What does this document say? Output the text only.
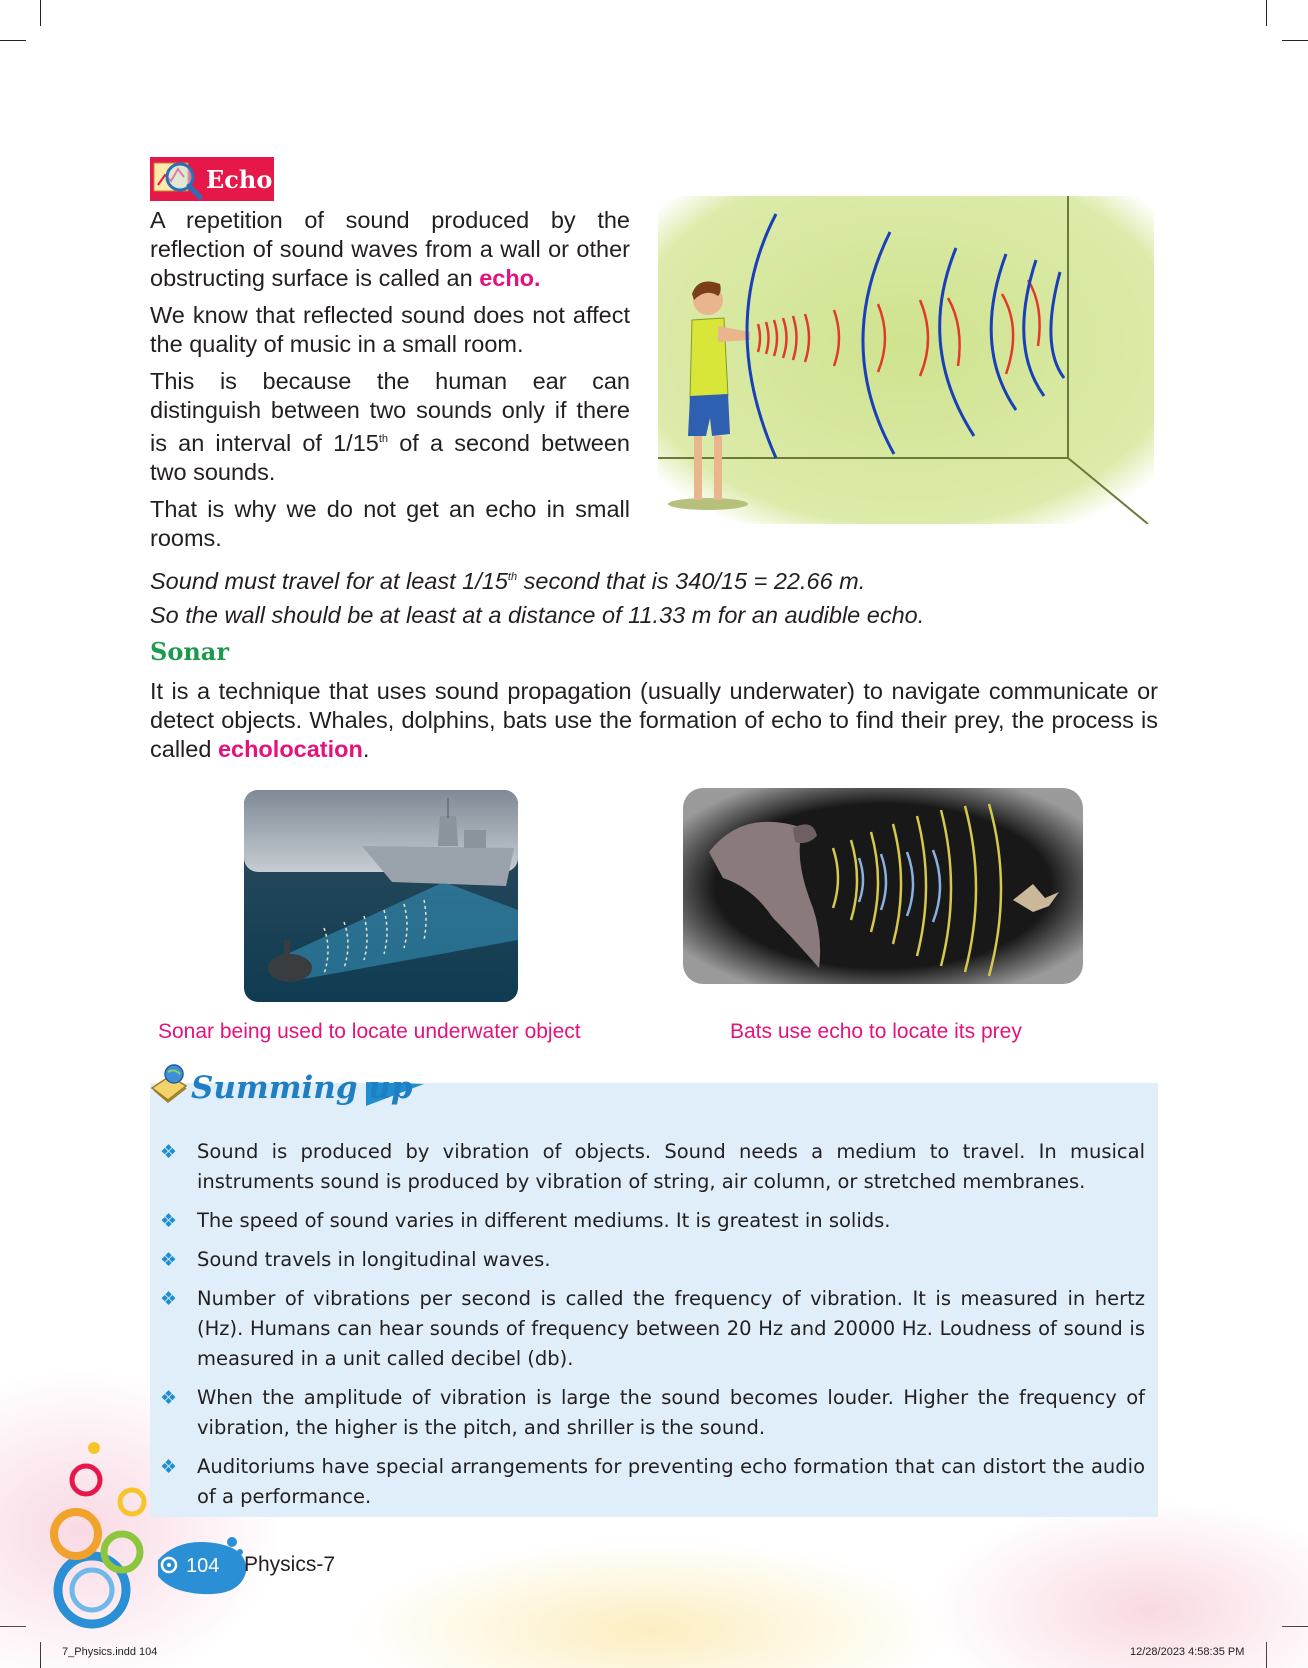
Echo

A repetition of sound produced by the reflection of sound waves from a wall or other obstructing surface is called an echo.

We know that reflected sound does not affect the quality of music in a small room.

This is because the human ear can distinguish between two sounds only if there is an interval of 1/15th of a second between two sounds.

That is why we do not get an echo in small rooms.

Sound must travel for at least 1/15th second that is 340/15 = 22.66 m.

So the wall should be at least at a distance of 11.33 m for an audible echo.

Sonar

It is a technique that uses sound propagation (usually underwater) to navigate communicate or detect objects. Whales, dolphins, bats use the formation of echo to find their prey, the process is called echolocation.

Sonar being used to locate underwater object	Bats use echo to locate its prey
Summing up
❖ Sound is produced by vibration of objects. Sound needs a medium to travel. In musical instruments sound is produced by vibration of string, air column, or stretched membranes.
❖ The speed of sound varies in different mediums. It is greatest in solids.
❖ Sound travels in longitudinal waves.
❖ Number of vibrations per second is called the frequency of vibration. It is measured in hertz (Hz). Humans can hear sounds of frequency between 20 Hz and 20000 Hz. Loudness of sound is measured in a unit called decibel (db).
❖ When the amplitude of vibration is large the sound becomes louder. Higher the frequency of vibration, the higher is the pitch, and shriller is the sound.
❖ Auditoriums have special arrangements for preventing echo formation that can distort the audio of a performance.
104 Physics-7
7_Physics.indd 104	12/28/2023 4:58:35 PM
